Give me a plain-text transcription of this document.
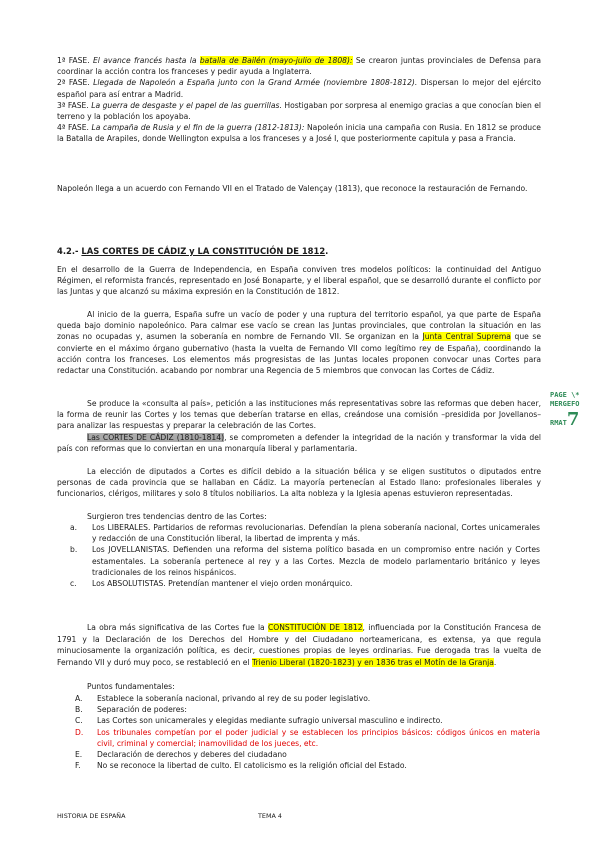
1ª FASE. El avance francés hasta la batalla de Bailén (mayo-julio de 1808): Se crearon juntas provinciales de Defensa para coordinar la acción contra los franceses y pedir ayuda a Inglaterra.
2ª FASE. Llegada de Napoleón a España junto con la Grand Armée (noviembre 1808-1812). Dispersan lo mejor del ejército español para así entrar a Madrid.
3ª FASE. La guerra de desgaste y el papel de las guerrillas. Hostigaban por sorpresa al enemigo gracias a que conocían bien el terreno y la población los apoyaba.
4ª FASE. La campaña de Rusia y el fin de la guerra (1812-1813): Napoleón inicia una campaña con Rusia. En 1812 se produce la Batalla de Arapiles, donde Wellington expulsa a los franceses y a José I, que posteriormente capitula y pasa a Francia.

Napoleón llega a un acuerdo con Fernando VII en el Tratado de Valençay (1813), que reconoce la restauración de Fernando.

4.2.- LAS CORTES DE CÁDIZ y LA CONSTITUCIÓN DE 1812.

En el desarrollo de la Guerra de Independencia, en España conviven tres modelos políticos: la continuidad del Antiguo Régimen, el reformista francés, representado en José Bonaparte, y el liberal español, que se desarrolló durante el conflicto por las Juntas y que alcanzó su máxima expresión en la Constitución de 1812.

Al inicio de la guerra, España sufre un vacío de poder y una ruptura del territorio español, ya que parte de España queda bajo dominio napoleónico. Para calmar ese vacío se crean las Juntas provinciales, que controlan la situación en las zonas no ocupadas y, asumen la soberanía en nombre de Fernando VII. Se organizan en la Junta Central Suprema que se convierte en el máximo órgano gubernativo (hasta la vuelta de Fernando VII como legítimo rey de España), coordinando la acción contra los franceses. Los elementos más progresistas de las Juntas locales proponen convocar unas Cortes para redactar una Constitución. acabando por nombrar una Regencia de 5 miembros que convocan las Cortes de Cádiz.

Se produce la «consulta al país», petición a las instituciones más representativas sobre las reformas que deben hacer, la forma de reunir las Cortes y los temas que deberían tratarse en ellas, creándose una comisión –presidida por Jovellanos– para analizar las respuestas y preparar la celebración de las Cortes.

Las CORTES DE CÁDIZ (1810-1814), se comprometen a defender la integridad de la nación y transformar la vida del país con reformas que lo conviertan en una monarquía liberal y parlamentaria.

La elección de diputados a Cortes es difícil debido a la situación bélica y se eligen sustitutos o diputados entre personas de cada provincia que se hallaban en Cádiz. La mayoría pertenecían al Estado llano: profesionales liberales y funcionarios, clérigos, militares y solo 8 títulos nobiliarios. La alta nobleza y la Iglesia apenas estuvieron representadas.

Surgieron tres tendencias dentro de las Cortes:

a. Los LIBERALES. Partidarios de reformas revolucionarias. Defendían la plena soberanía nacional, Cortes unicamerales y redacción de una Constitución liberal, la libertad de imprenta y más.
b. Los JOVELLANISTAS. Defienden una reforma del sistema político basada en un compromiso entre nación y Cortes estamentales. La soberanía pertenece al rey y a las Cortes. Mezcla de modelo parlamentario británico y leyes tradicionales de los reinos hispánicos.
c. Los ABSOLUTISTAS. Pretendían mantener el viejo orden monárquico.

La obra más significativa de las Cortes fue la CONSTITUCIÓN DE 1812, influenciada por la Constitución Francesa de 1791 y la Declaración de los Derechos del Hombre y del Ciudadano norteamericana, es extensa, ya que regula minuciosamente la organización política, es decir, cuestiones propias de leyes ordinarias. Fue derogada tras la vuelta de Fernando VII y duró muy poco, se restableció en el Trienio Liberal (1820-1823) y en 1836 tras el Motín de la Granja.

Puntos fundamentales:

A. Establece la soberanía nacional, privando al rey de su poder legislativo.
B. Separación de poderes:
C. Las Cortes son unicamerales y elegidas mediante sufragio universal masculino e indirecto.
D. Los tribunales competían por el poder judicial y se establecen los principios básicos: códigos únicos en materia civil, criminal y comercial; inamovilidad de los jueces, etc.
E. Declaración de derechos y deberes del ciudadano
F. No se reconoce la libertad de culto. El catolicismo es la religión oficial del Estado.
PAGE \*
MERGEFO
RMAT7
HISTORIA DE ESPAÑA	TEMA 4
